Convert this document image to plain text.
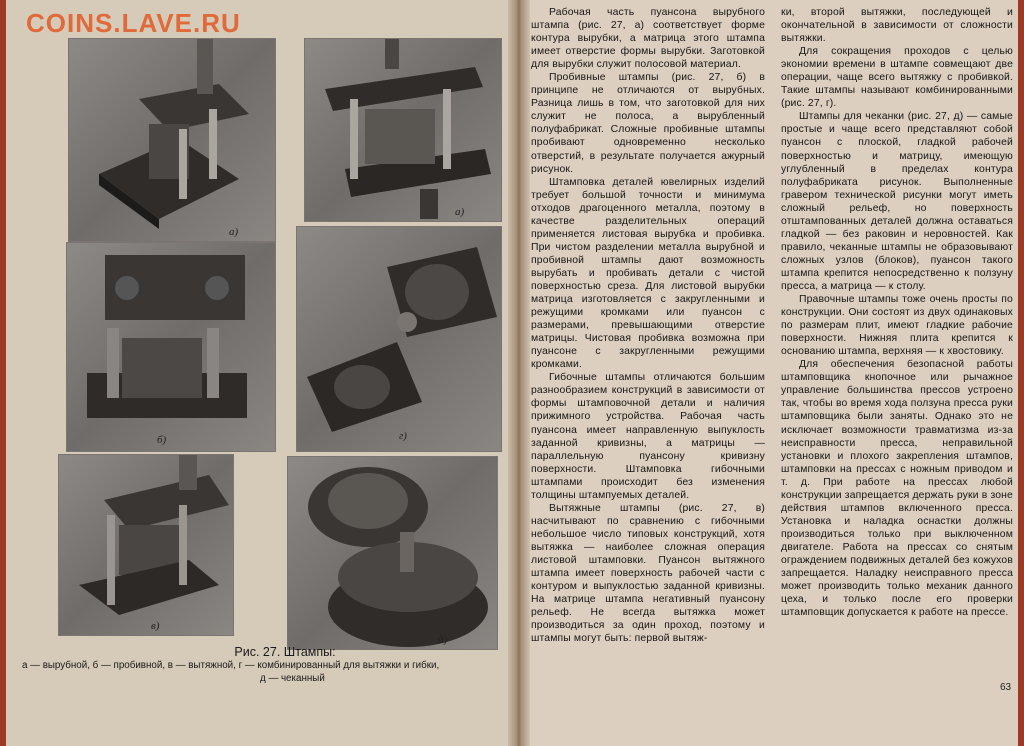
COINS.LAVE.RU
а)
б)
в)
а)
г)
д)
Рис. 27. Штампы:
а — вырубной, б — пробивной, в — вытяжной, г — комбинированный для вытяжки и гибки,
д — чеканный

Рабочая часть пуансона вырубного штампа (рис. 27, а) соответствует форме контура вырубки, а матрица этого штампа имеет отверстие формы вырубки. Заготовкой для вырубки служит полосовой материал.

Пробивные штампы (рис. 27, б) в принципе не отличаются от вырубных. Разница лишь в том, что заготовкой для них служит не полоса, а вырубленный полуфабрикат. Сложные пробивные штампы пробивают одновременно несколько отверстий, в результате получается ажурный рисунок.

Штамповка деталей ювелирных изделий требует большой точности и минимума отходов драгоценного металла, поэтому в качестве разделительных операций применяется листовая вырубка и пробивка. При чистом разделении металла вырубной и пробивной штампы дают возможность вырубать и пробивать детали с чистой поверхностью среза. Для листовой вырубки матрица изготовляется с закругленными и режущими кромками или пуансон с размерами, превышающими отверстие матрицы. Чистовая пробивка возможна при пуансоне с закругленными режущими кромками.

Гибочные штампы отличаются большим разнообразием конструкций в зависимости от формы штамповочной детали и наличия прижимного устройства. Рабочая часть пуансона имеет направленную выпуклость заданной кривизны, а матрицы — параллельную пуансону кривизну поверхности. Штамповка гибочными штампами происходит без изменения толщины штампуемых деталей.

Вытяжные штампы (рис. 27, в) насчитывают по сравнению с гибочными небольшое число типовых конструкций, хотя вытяжка — наиболее сложная операция листовой штамповки. Пуансон вытяжного штампа имеет поверхность рабочей части с контуром и выпуклостью заданной кривизны. На матрице штампа негативный пуансону рельеф. Не всегда вытяжка может производиться за один проход, поэтому и штампы могут быть: первой вытяж-

ки, второй вытяжки, последующей и окончательной в зависимости от сложности вытяжки.

Для сокращения проходов с целью экономии времени в штампе совмещают две операции, чаще всего вытяжку с пробивкой. Такие штампы называют комбинированными (рис. 27, г).

Штампы для чеканки (рис. 27, д) — самые простые и чаще всего представляют собой пуансон с плоской, гладкой рабочей поверхностью и матрицу, имеющую углубленный в пределах контура полуфабриката рисунок. Выполненные гравером технической рисунки могут иметь сложный рельеф, но поверхность отштампованных деталей должна оставаться гладкой — без раковин и неровностей. Как правило, чеканные штампы не образовывают сложных узлов (блоков), пуансон такого штампа крепится непосредственно к ползуну пресса, а матрица — к столу.

Правочные штампы тоже очень просты по конструкции. Они состоят из двух одинаковых по размерам плит, имеют гладкие рабочие поверхности. Нижняя плита крепится к основанию штампа, верхняя — к хвостовику.

Для обеспечения безопасной работы штамповщика кнопочное или рычажное управление большинства прессов устроено так, чтобы во время хода ползуна пресса руки штамповщика были заняты. Однако это не исключает возможности травматизма из-за неисправности пресса, неправильной установки и плохого закрепления штампов, штамповки на прессах с ножным приводом и т. д. При работе на прессах любой конструкции запрещается держать руки в зоне действия штампов включенного пресса. Установка и наладка оснастки должны производиться только при выключенном двигателе. Работа на прессах со снятым ограждением подвижных деталей без кожухов запрещается. Наладку неисправного пресса может производить только механик данного цеха, и только после его проверки штамповщик допускается к работе на прессе.

63
